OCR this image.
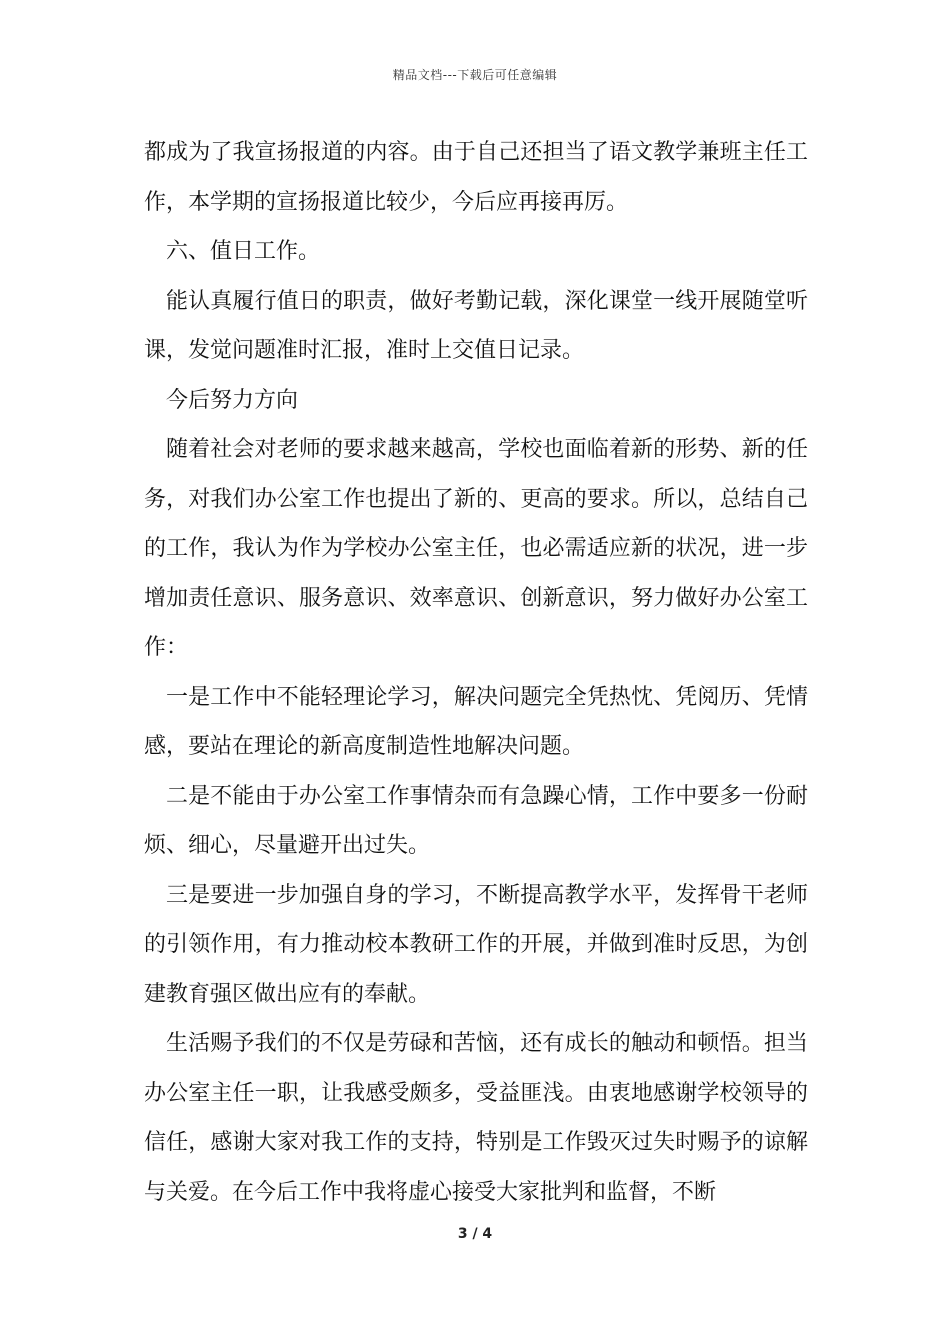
精品文档---下载后可任意编辑

都成为了我宣扬报道的内容。由于自己还担当了语文教学兼班主任工作，本学期的宣扬报道比较少，今后应再接再厉。

六、值日工作。

能认真履行值日的职责，做好考勤记载，深化课堂一线开展随堂听课，发觉问题准时汇报，准时上交值日记录。

今后努力方向

随着社会对老师的要求越来越高，学校也面临着新的形势、新的任务，对我们办公室工作也提出了新的、更高的要求。所以，总结自己的工作，我认为作为学校办公室主任，也必需适应新的状况，进一步增加责任意识、服务意识、效率意识、创新意识，努力做好办公室工作：

一是工作中不能轻理论学习，解决问题完全凭热忱、凭阅历、凭情感，要站在理论的新高度制造性地解决问题。

二是不能由于办公室工作事情杂而有急躁心情，工作中要多一份耐烦、细心，尽量避开出过失。

三是要进一步加强自身的学习，不断提高教学水平，发挥骨干老师的引领作用，有力推动校本教研工作的开展，并做到准时反思，为创建教育强区做出应有的奉献。

生活赐予我们的不仅是劳碌和苦恼，还有成长的触动和顿悟。担当办公室主任一职，让我感受颇多，受益匪浅。由衷地感谢学校领导的信任，感谢大家对我工作的支持，特别是工作毁灭过失时赐予的谅解与关爱。在今后工作中我将虚心接受大家批判和监督，不断

3 / 4
